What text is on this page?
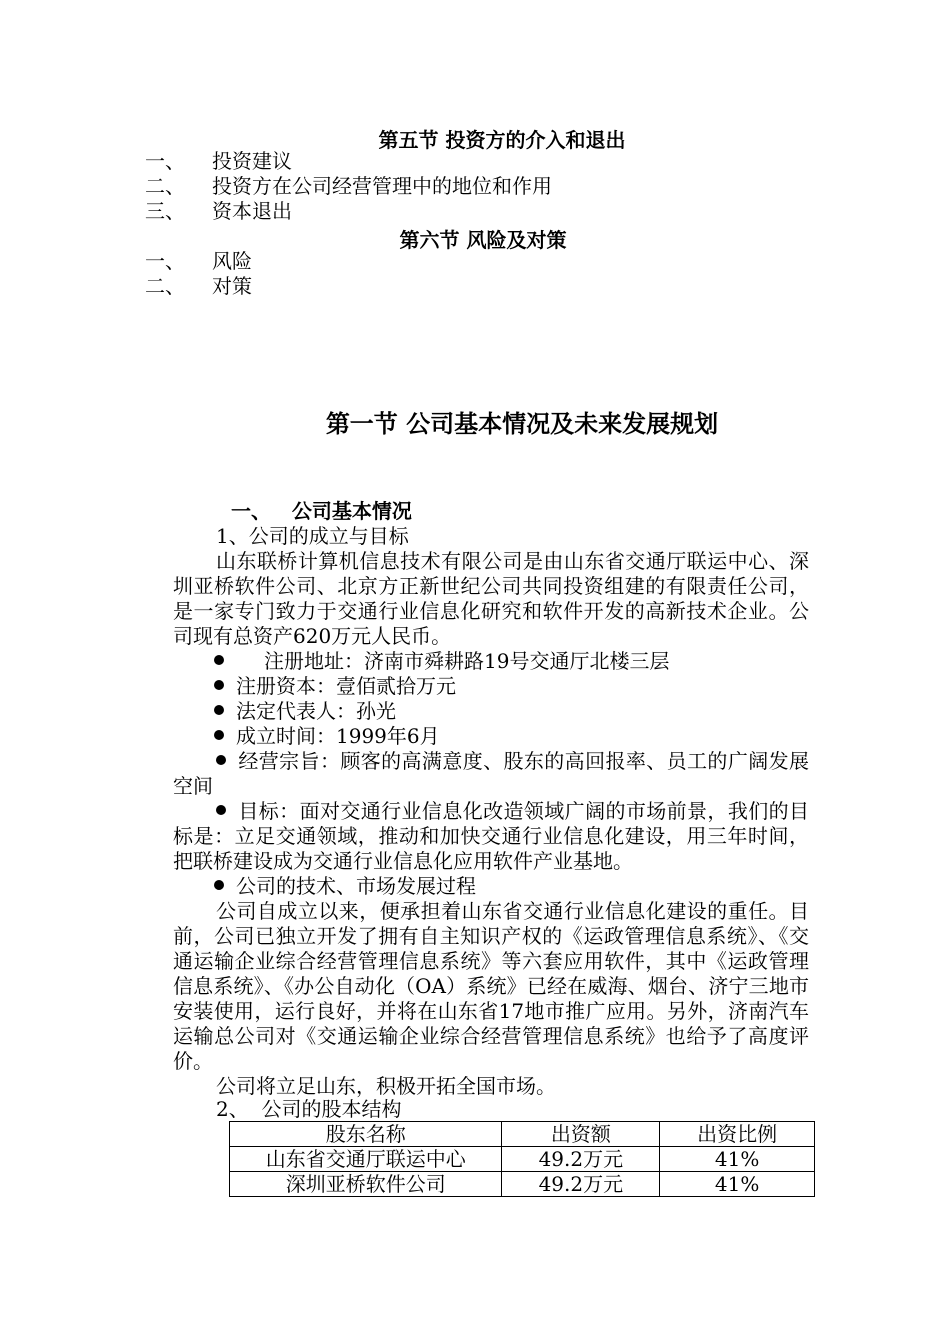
第五节 投资方的介入和退出
一、 投资建议
二、 投资方在公司经营管理中的地位和作用
三、 资本退出
第六节 风险及对策
一、 风险
二、 对策
第一节 公司基本情况及未来发展规划
一、   公司基本情况
1、公司的成立与目标
山东联桥计算机信息技术有限公司是由山东省交通厅联运中心、深圳亚桥软件公司、北京方正新世纪公司共同投资组建的有限责任公司，是一家专门致力于交通行业信息化研究和软件开发的高新技术企业。公司现有总资产620万元人民币。
注册地址：济南市舜耕路19号交通厅北楼三层
注册资本：壹佰贰拾万元
法定代表人：孙光
成立时间：1999年6月
经营宗旨：顾客的高满意度、股东的高回报率、员工的广阔发展空间
目标：面对交通行业信息化改造领域广阔的市场前景，我们的目标是：立足交通领域，推动和加快交通行业信息化建设，用三年时间，把联桥建设成为交通行业信息化应用软件产业基地。
公司的技术、市场发展过程
公司自成立以来，便承担着山东省交通行业信息化建设的重任。目前，公司已独立开发了拥有自主知识产权的《运政管理信息系统》、《交通运输企业综合经营管理信息系统》等六套应用软件，其中《运政管理信息系统》、《办公自动化（OA）系统》已经在威海、烟台、济宁三地市安装使用，运行良好，并将在山东省17地市推广应用。另外，济南汽车运输总公司对《交通运输企业综合经营管理信息系统》也给予了高度评价。
公司将立足山东，积极开拓全国市场。
2、  公司的股本结构
股东名称	出资额	出资比例
山东省交通厅联运中心	49.2万元	41%
深圳亚桥软件公司	49.2万元	41%
